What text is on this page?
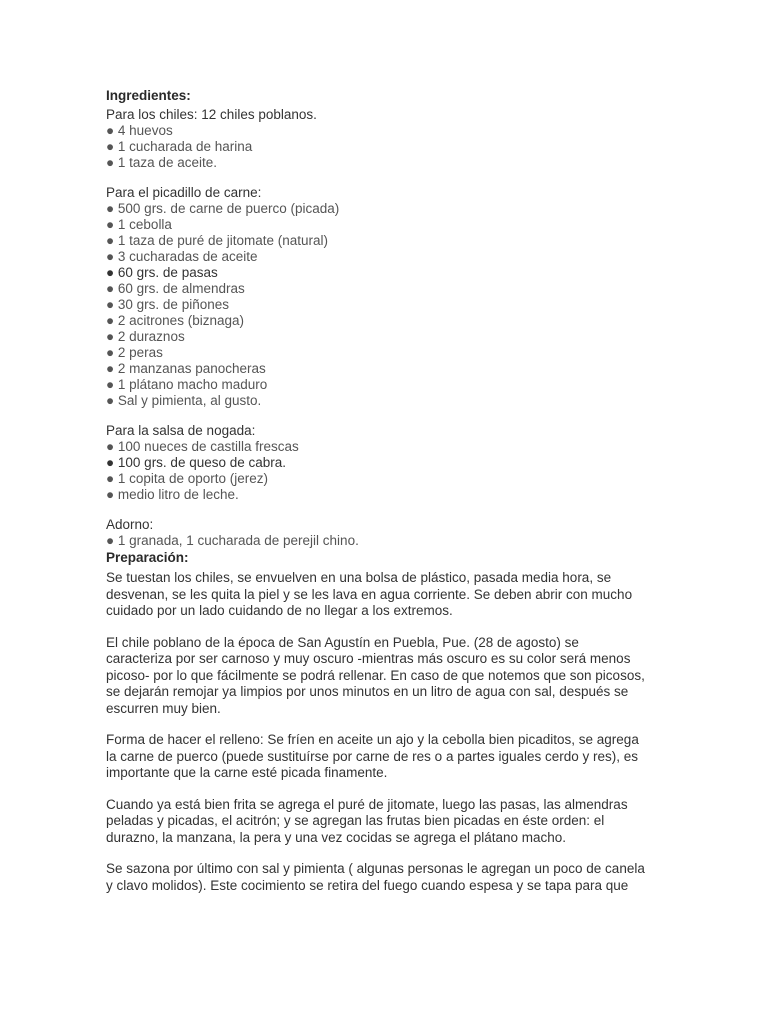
Ingredientes:
Para los chiles: 12 chiles poblanos.
● 4 huevos
● 1 cucharada de harina
● 1 taza de aceite.
Para el picadillo de carne:
● 500 grs. de carne de puerco (picada)
● 1 cebolla
● 1 taza de puré de jitomate (natural)
● 3 cucharadas de aceite
● 60 grs. de pasas
● 60 grs. de almendras
● 30 grs. de piñones
● 2 acitrones (biznaga)
● 2 duraznos
● 2 peras
● 2 manzanas panocheras
● 1 plátano macho maduro
● Sal y pimienta, al gusto.
Para la salsa de nogada:
● 100 nueces de castilla frescas
● 100 grs. de queso de cabra.
● 1 copita de oporto (jerez)
● medio litro de leche.
Adorno:
● 1 granada, 1 cucharada de perejil chino.
Preparación:
Se tuestan los chiles, se envuelven en una bolsa de plástico, pasada media hora, se
desvenan, se les quita la piel y se les lava en agua corriente. Se deben abrir con mucho
cuidado por un lado cuidando de no llegar a los extremos.
El chile poblano de la época de San Agustín en Puebla, Pue. (28 de agosto) se
caracteriza por ser carnoso y muy oscuro -mientras más oscuro es su color será menos
picoso- por lo que fácilmente se podrá rellenar. En caso de que notemos que son picosos,
se dejarán remojar ya limpios por unos minutos en un litro de agua con sal, después se
escurren muy bien.
Forma de hacer el relleno: Se fríen en aceite un ajo y la cebolla bien picaditos, se agrega
la carne de puerco (puede sustituírse por carne de res o a partes iguales cerdo y res), es
importante que la carne esté picada finamente.
Cuando ya está bien frita se agrega el puré de jitomate, luego las pasas, las almendras
peladas y picadas, el acitrón; y se agregan las frutas bien picadas en éste orden: el
durazno, la manzana, la pera y una vez cocidas se agrega el plátano macho.
Se sazona por último con sal y pimienta ( algunas personas le agregan un poco de canela
y clavo molidos). Este cocimiento se retira del fuego cuando espesa y se tapa para que
